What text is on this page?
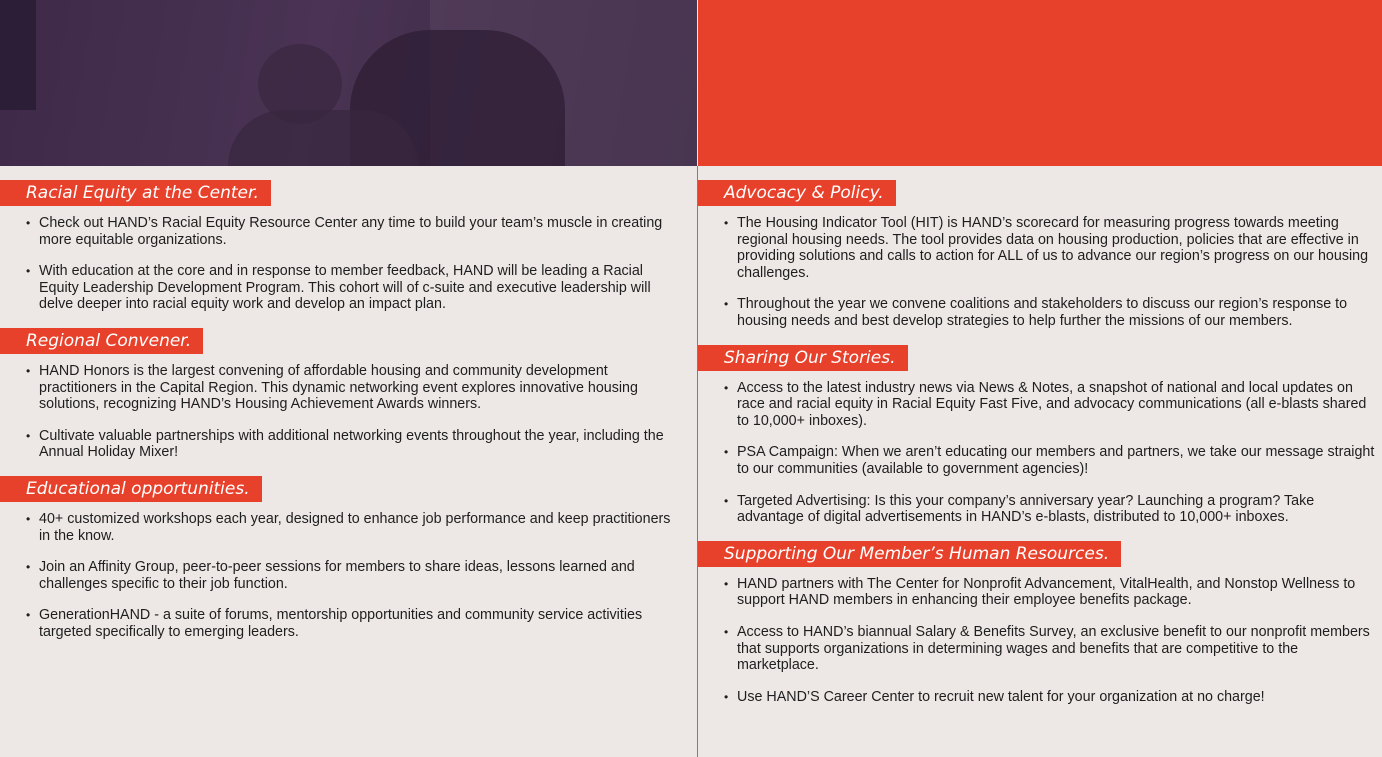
Racial Equity at the Center.
• Check out HAND’s Racial Equity Resource Center any time to build your team’s muscle in creating more equitable organizations.
• With education at the core and in response to member feedback, HAND will be leading a Racial Equity Leadership Development Program. This cohort will of c-suite and executive leadership will delve deeper into racial equity work and develop an impact plan.
Regional Convener.
• HAND Honors is the largest convening of affordable housing and community development practitioners in the Capital Region. This dynamic networking event explores innovative housing solutions, recognizing HAND’s Housing Achievement Awards winners.
• Cultivate valuable partnerships with additional networking events throughout the year, including the Annual Holiday Mixer!
Educational opportunities.
• 40+ customized workshops each year, designed to enhance job performance and keep practitioners in the know.
• Join an Affinity Group, peer-to-peer sessions for members to share ideas, lessons learned and challenges specific to their job function.
• GenerationHAND - a suite of forums, mentorship opportunities and community service activities targeted specifically to emerging leaders.
Advocacy & Policy.
• The Housing Indicator Tool (HIT) is HAND’s scorecard for measuring progress towards meeting regional housing needs. The tool provides data on housing production, policies that are effective in providing solutions and calls to action for ALL of us to advance our region’s progress on our housing challenges.
• Throughout the year we convene coalitions and stakeholders to discuss our region’s response to housing needs and best develop strategies to help further the missions of our members.
Sharing Our Stories.
• Access to the latest industry news via News & Notes, a snapshot of national and local updates on race and racial equity in Racial Equity Fast Five, and advocacy communications (all e-blasts shared to 10,000+ inboxes).
• PSA Campaign: When we aren’t educating our members and partners, we take our message straight to our communities (available to government agencies)!
• Targeted Advertising: Is this your company’s anniversary year? Launching a program? Take advantage of digital advertisements in HAND’s e-blasts, distributed to 10,000+ inboxes.
Supporting Our Member’s Human Resources.
• HAND partners with The Center for Nonprofit Advancement, VitalHealth, and Nonstop Wellness to support HAND members in enhancing their employee benefits package.
• Access to HAND’s biannual Salary & Benefits Survey, an exclusive benefit to our nonprofit members that supports organizations in determining wages and benefits that are competitive to the marketplace.
• Use HAND’S Career Center to recruit new talent for your organization at no charge!
